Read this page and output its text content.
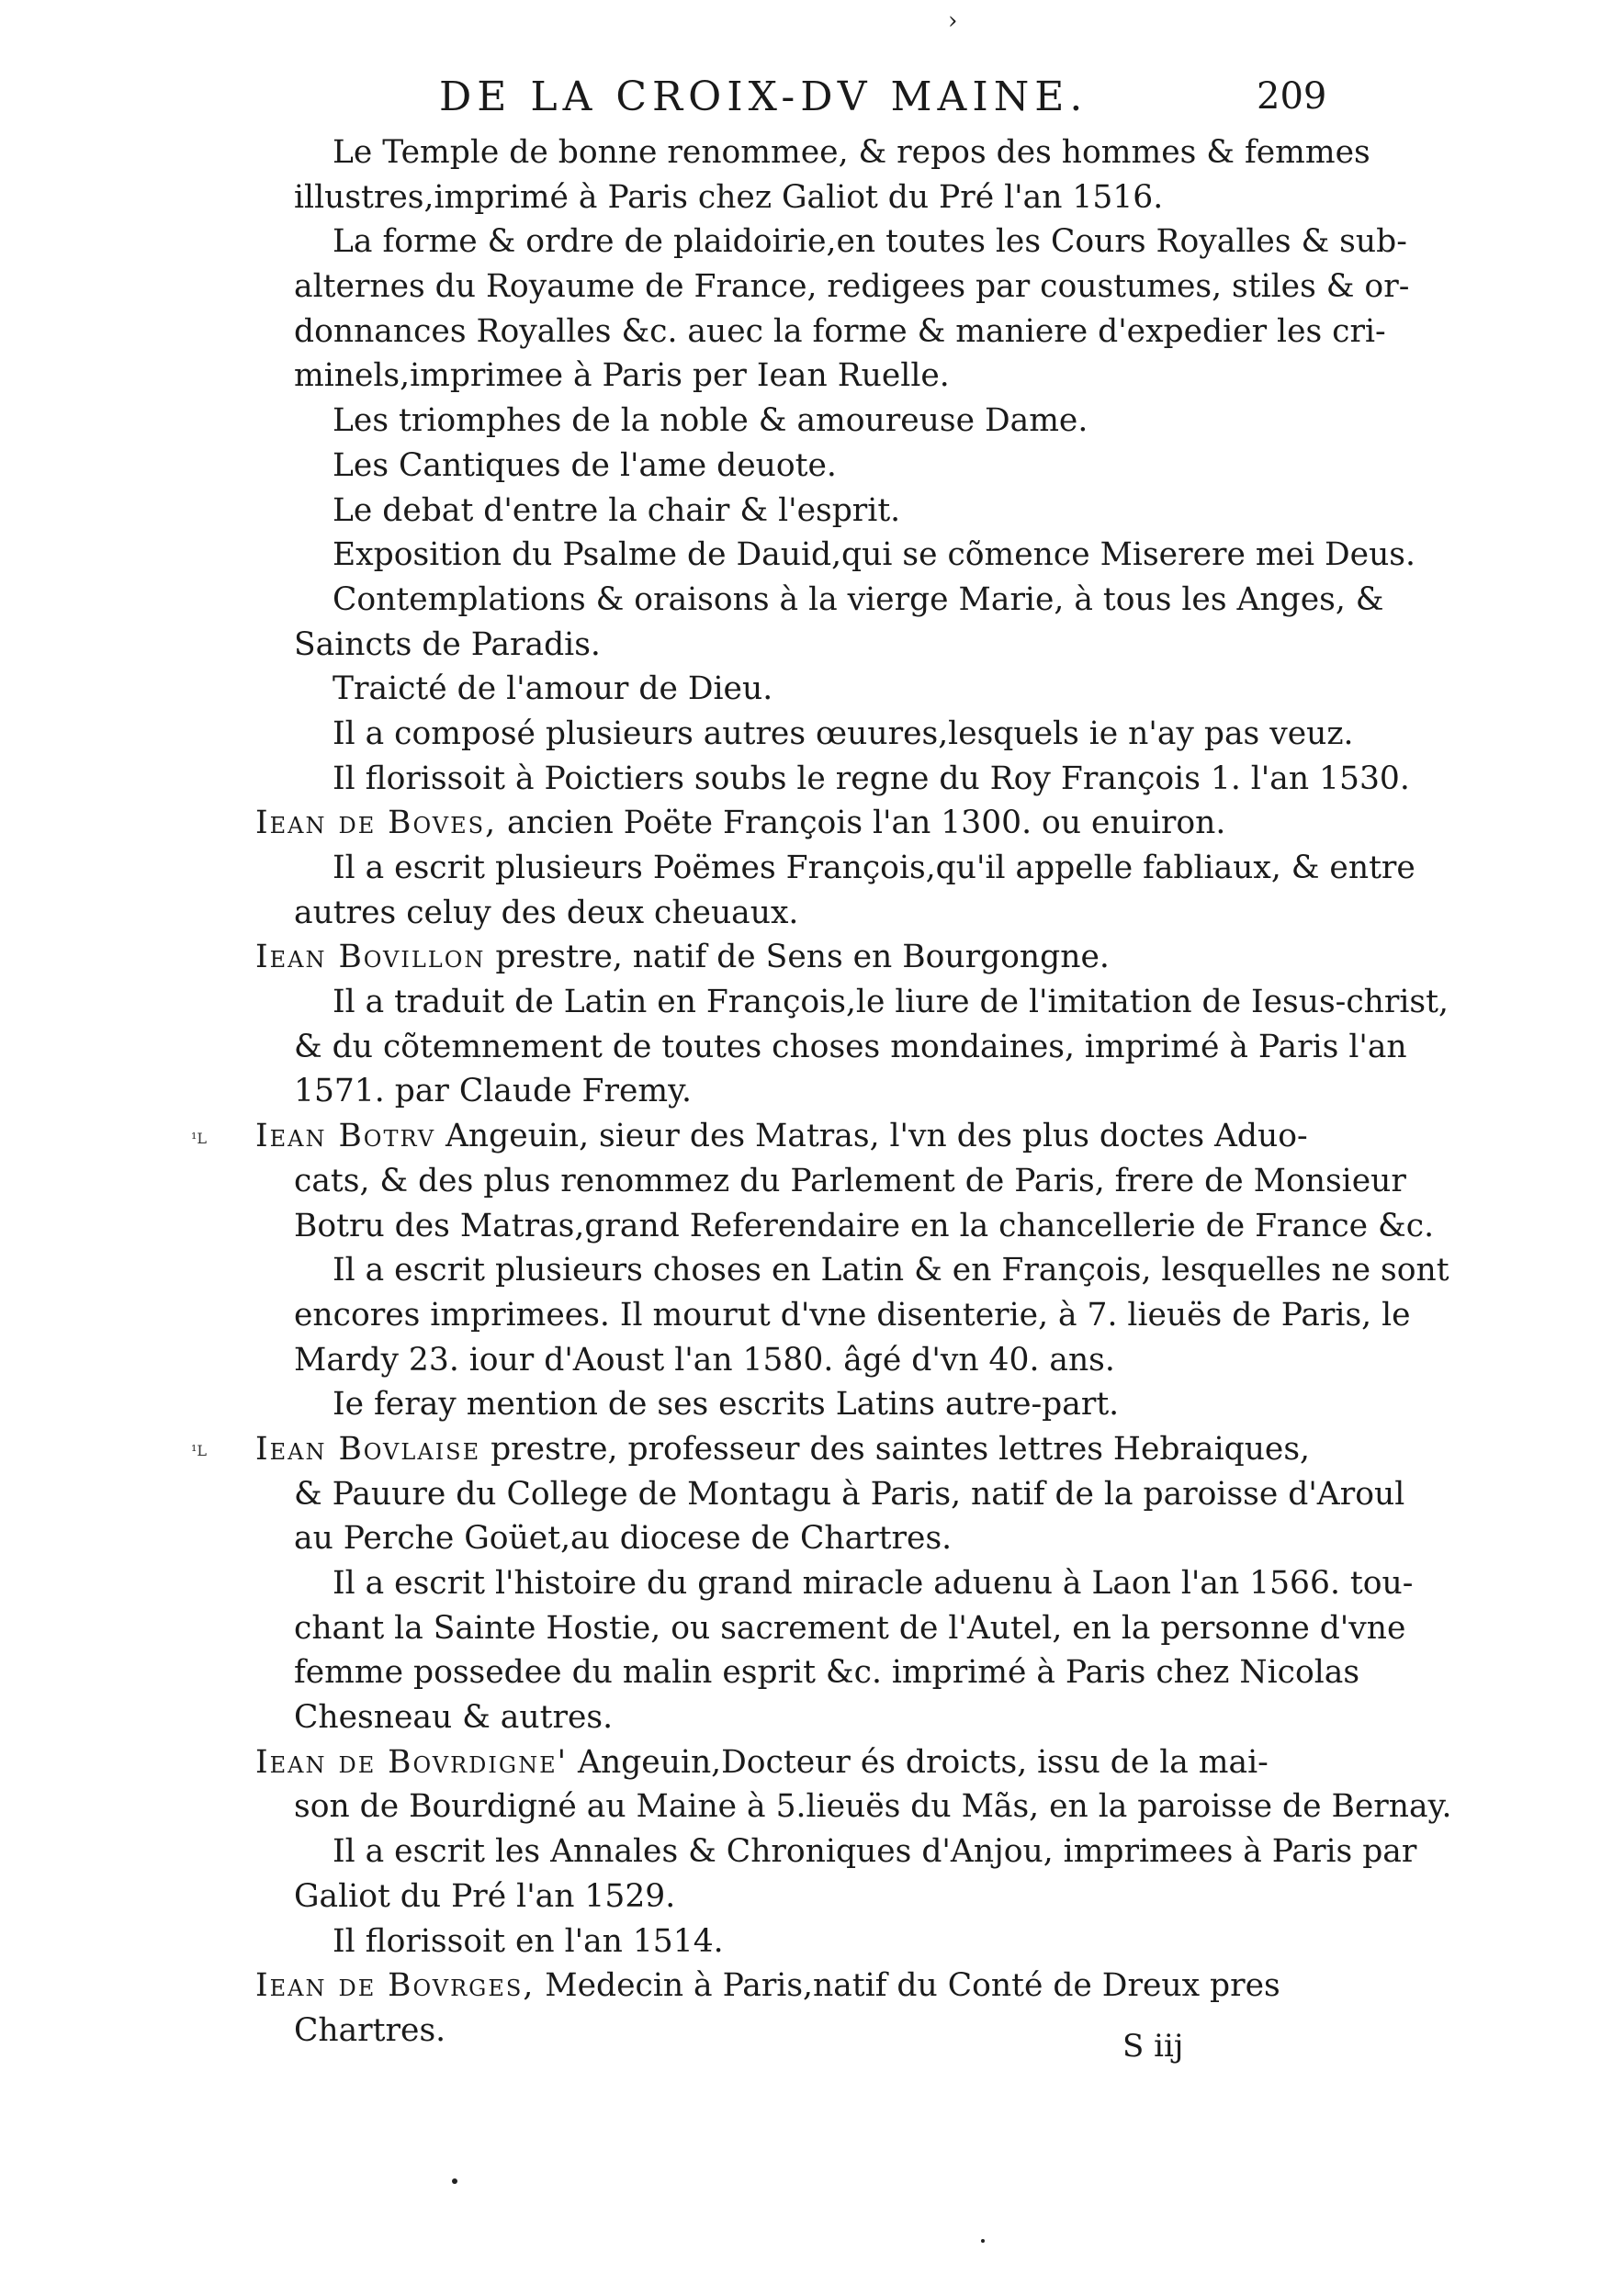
›
DE LA CROIX-DV MAINE.	209
¹L
¹L
Le Temple de bonne renommee, & repos des hommes & femmes
illustres,imprimé à Paris chez Galiot du Pré l'an 1516.
La forme & ordre de plaidoirie,en toutes les Cours Royalles & sub-
alternes du Royaume de France, redigees par coustumes, stiles & or-
donnances Royalles &c. auec la forme & maniere d'expedier les cri-
minels,imprimee à Paris per Iean Ruelle.
Les triomphes de la noble & amoureuse Dame.
Les Cantiques de l'ame deuote.
Le debat d'entre la chair & l'esprit.
Exposition du Psalme de Dauid,qui se cõmence Miserere mei Deus.
Contemplations & oraisons à la vierge Marie, à tous les Anges, &
Saincts de Paradis.
Traicté de l'amour de Dieu.
Il a composé plusieurs autres œuures,lesquels ie n'ay pas veuz.
Il florissoit à Poictiers soubs le regne du Roy François 1. l'an 1530.
Iean de Boves, ancien Poëte François l'an 1300. ou enuiron.
Il a escrit plusieurs Poëmes François,qu'il appelle fabliaux, & entre
autres celuy des deux cheuaux.
Iean Bovillon prestre, natif de Sens en Bourgongne.
Il a traduit de Latin en François,le liure de l'imitation de Iesus-christ,
& du cõtemnement de toutes choses mondaines, imprimé à Paris l'an
1571. par Claude Fremy.
Iean Botrv Angeuin, sieur des Matras, l'vn des plus doctes Aduo-
cats, & des plus renommez du Parlement de Paris, frere de Monsieur
Botru des Matras,grand Referendaire en la chancellerie de France &c.
Il a escrit plusieurs choses en Latin & en François, lesquelles ne sont
encores imprimees. Il mourut d'vne disenterie, à 7. lieuës de Paris, le
Mardy 23. iour d'Aoust l'an 1580. âgé d'vn 40. ans.
Ie feray mention de ses escrits Latins autre-part.
Iean Bovlaise prestre, professeur des saintes lettres Hebraiques,
& Pauure du College de Montagu à Paris, natif de la paroisse d'Aroul
au Perche Goüet,au diocese de Chartres.
Il a escrit l'histoire du grand miracle aduenu à Laon l'an 1566. tou-
chant la Sainte Hostie, ou sacrement de l'Autel, en la personne d'vne
femme possedee du malin esprit &c. imprimé à Paris chez Nicolas
Chesneau & autres.
Iean de Bovrdigne' Angeuin,Docteur és droicts, issu de la mai-
son de Bourdigné au Maine à 5.lieuës du Mãs, en la paroisse de Bernay.
Il a escrit les Annales & Chroniques d'Anjou, imprimees à Paris par
Galiot du Pré l'an 1529.
Il florissoit en l'an 1514.
Iean de Bovrges, Medecin à Paris,natif du Conté de Dreux pres
Chartres.	S iij
